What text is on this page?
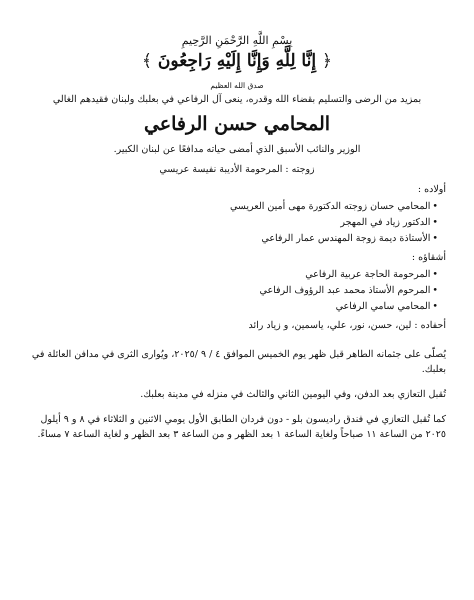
بِسْمِ اللَّهِ الرَّحْمَنِ الرَّحِيمِ
﴿ إِنَّا لِلَّهِ وَإِنَّا إِلَيْهِ رَاجِعُونَ ﴾
صدق الله العظيم
بمزيد من الرضى والتسليم بقضاء الله وقدره، ينعى آل الرفاعي في بعلبك ولبنان فقيدهم الغالي
المحامي حسن الرفاعي
الوزير والنائب الأسبق الذي أمضى حياته مدافعًا عن لبنان الكبير.
زوجته : المرحومة الأديبة نفيسة عريسي
أولاده :
•المحامي حسان زوجته الدكتورة مهى أمين العريسي
•الدكتور زياد في المهجر
•الأستاذة ديمة زوجة المهندس عمار الرفاعي
أشقاؤه :
•المرحومة الحاجة عربية الرفاعي
•المرحوم الأستاذ محمد عبد الرؤوف الرفاعي
•المحامي سامي الرفاعي
أحفاده : لين، حسن، نور، علي، ياسمين، و زياد رائد
يُصلّى على جثمانه الطاهر قبل ظهر يوم الخميس الموافق ٤ / ٩ /٢٠٢٥، ويُوارى الثرى في مدافن العائلة في بعلبك.
تُقبل التعازي بعد الدفن، وفي اليومين الثاني والثالث في منزله في مدينة بعلبك.
كما تُقبل التعازي في فندق راديسون بلو - دون فردان الطابق الأول يومي الاثنين و الثلاثاء في ٨ و ٩ أيلول ٢٠٢٥ من الساعة ١١ صباحاً ولغاية الساعة ١ بعد الظهر و من الساعة ٣ بعد الظهر و لغاية الساعة ٧ مساءً.
